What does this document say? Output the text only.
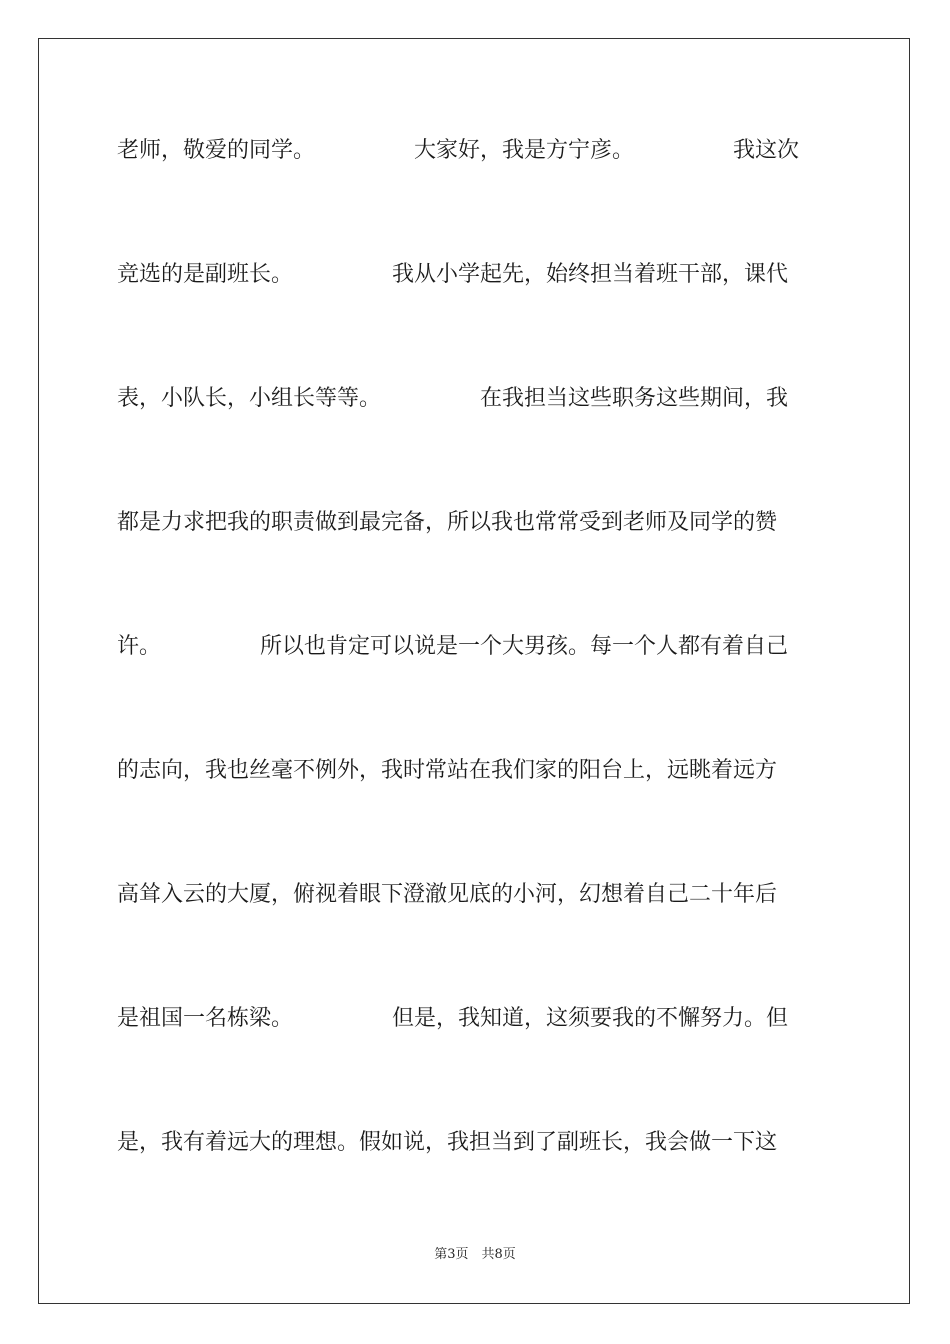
老师，敬爱的同学。　　　　　大家好，我是方宁彦。　　　　　我这次
竞选的是副班长。　　　　　我从小学起先，始终担当着班干部，课代
表，小队长，小组长等等。　　　　　在我担当这些职务这些期间，我
都是力求把我的职责做到最完备，所以我也常常受到老师及同学的赞
许。　　　　　所以也肯定可以说是一个大男孩。每一个人都有着自己
的志向，我也丝毫不例外，我时常站在我们家的阳台上，远眺着远方
高耸入云的大厦，俯视着眼下澄澈见底的小河，幻想着自己二十年后
是祖国一名栋梁。　　　　　但是，我知道，这须要我的不懈努力。但
是，我有着远大的理想。假如说，我担当到了副班长，我会做一下这
第3页　共8页
